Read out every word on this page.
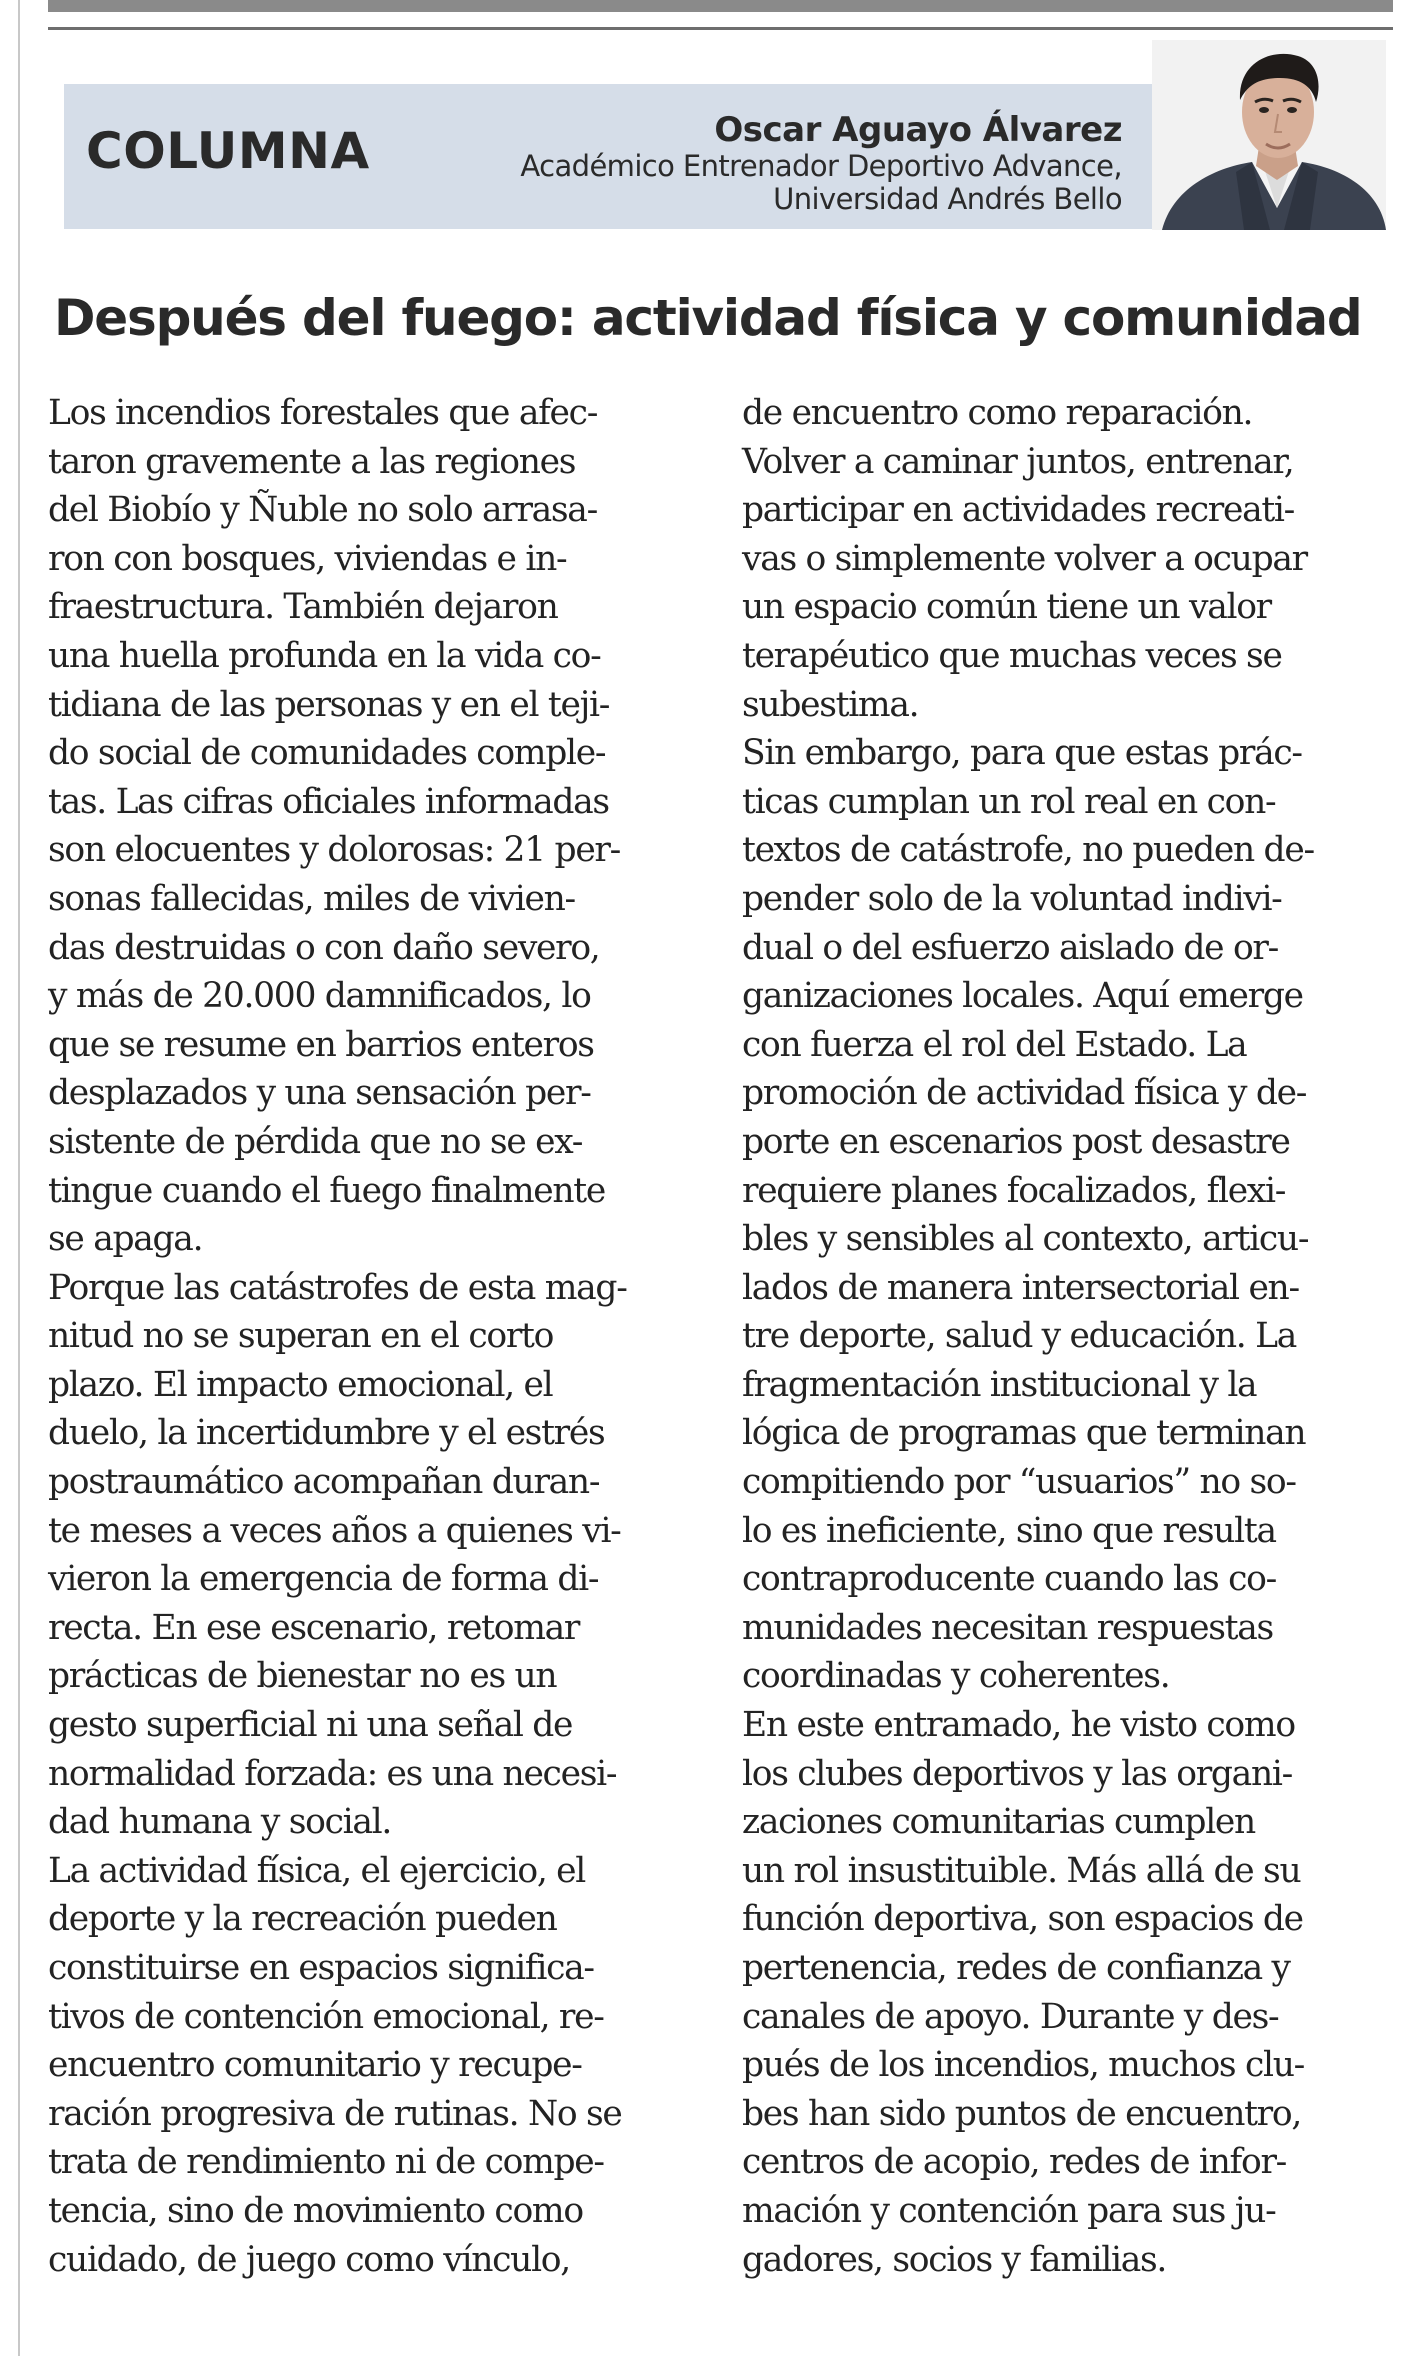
COLUMNA	Oscar Aguayo Álvarez
Académico Entrenador Deportivo Advance,
Universidad Andrés Bello
Después del fuego: actividad física y comunidad
Los incendios forestales que afec-
taron gravemente a las regiones
del Biobío y Ñuble no solo arrasa-
ron con bosques, viviendas e in-
fraestructura. También dejaron
una huella profunda en la vida co-
tidiana de las personas y en el teji-
do social de comunidades comple-
tas. Las cifras oficiales informadas
son elocuentes y dolorosas: 21 per-
sonas fallecidas, miles de vivien-
das destruidas o con daño severo,
y más de 20.000 damnificados, lo
que se resume en barrios enteros
desplazados y una sensación per-
sistente de pérdida que no se ex-
tingue cuando el fuego finalmente
se apaga.
Porque las catástrofes de esta mag-
nitud no se superan en el corto
plazo. El impacto emocional, el
duelo, la incertidumbre y el estrés
postraumático acompañan duran-
te meses a veces años a quienes vi-
vieron la emergencia de forma di-
recta. En ese escenario, retomar
prácticas de bienestar no es un
gesto superficial ni una señal de
normalidad forzada: es una necesi-
dad humana y social.
La actividad física, el ejercicio, el
deporte y la recreación pueden
constituirse en espacios significa-
tivos de contención emocional, re-
encuentro comunitario y recupe-
ración progresiva de rutinas. No se
trata de rendimiento ni de compe-
tencia, sino de movimiento como
cuidado, de juego como vínculo,
de encuentro como reparación.
Volver a caminar juntos, entrenar,
participar en actividades recreati-
vas o simplemente volver a ocupar
un espacio común tiene un valor
terapéutico que muchas veces se
subestima.
Sin embargo, para que estas prác-
ticas cumplan un rol real en con-
textos de catástrofe, no pueden de-
pender solo de la voluntad indivi-
dual o del esfuerzo aislado de or-
ganizaciones locales. Aquí emerge
con fuerza el rol del Estado. La
promoción de actividad física y de-
porte en escenarios post desastre
requiere planes focalizados, flexi-
bles y sensibles al contexto, articu-
lados de manera intersectorial en-
tre deporte, salud y educación. La
fragmentación institucional y la
lógica de programas que terminan
compitiendo por “usuarios” no so-
lo es ineficiente, sino que resulta
contraproducente cuando las co-
munidades necesitan respuestas
coordinadas y coherentes.
En este entramado, he visto como
los clubes deportivos y las organi-
zaciones comunitarias cumplen
un rol insustituible. Más allá de su
función deportiva, son espacios de
pertenencia, redes de confianza y
canales de apoyo. Durante y des-
pués de los incendios, muchos clu-
bes han sido puntos de encuentro,
centros de acopio, redes de infor-
mación y contención para sus ju-
gadores, socios y familias.
